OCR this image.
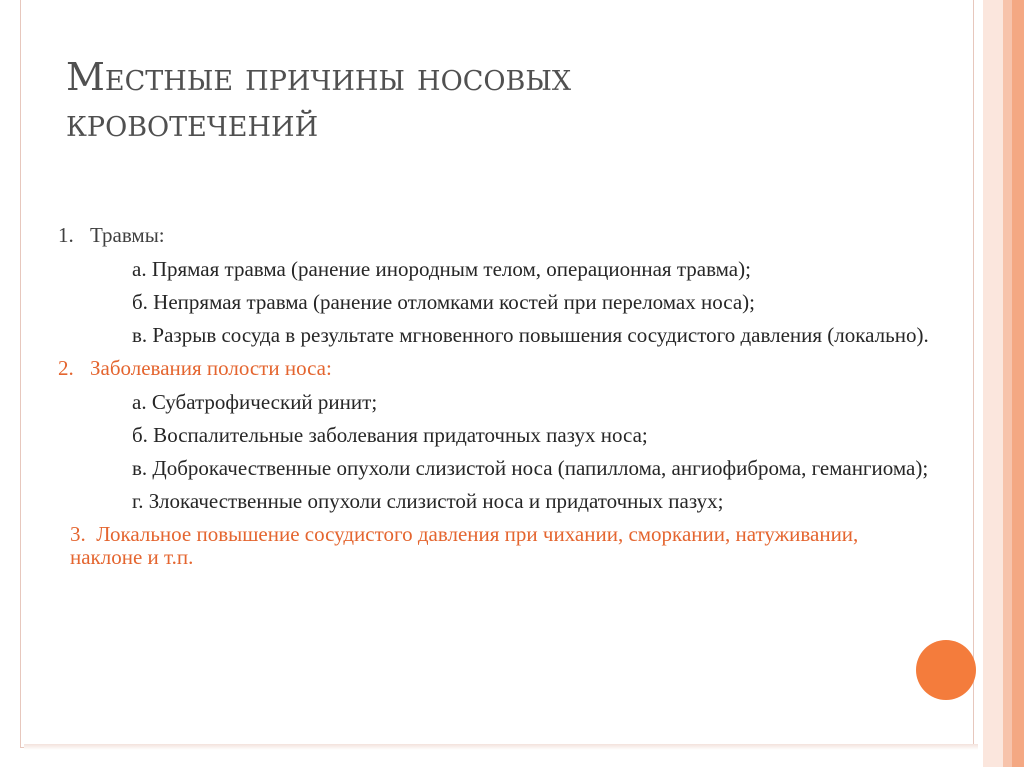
Местные причины носовых
кровотечений
1. Травмы:
а. Прямая травма (ранение инородным телом, операционная травма);
б. Непрямая травма (ранение отломками костей при переломах носа);
в. Разрыв сосуда в результате мгновенного повышения сосудистого давления (локально).
2. Заболевания полости носа:
а. Субатрофический ринит;
б. Воспалительные заболевания придаточных пазух носа;
в. Доброкачественные опухоли слизистой носа (папиллома, ангиофиброма, гемангиома);
г. Злокачественные опухоли слизистой носа и придаточных пазух;
3. Локальное повышение сосудистого давления при чихании, сморкании, натуживании, наклоне и т.п.
